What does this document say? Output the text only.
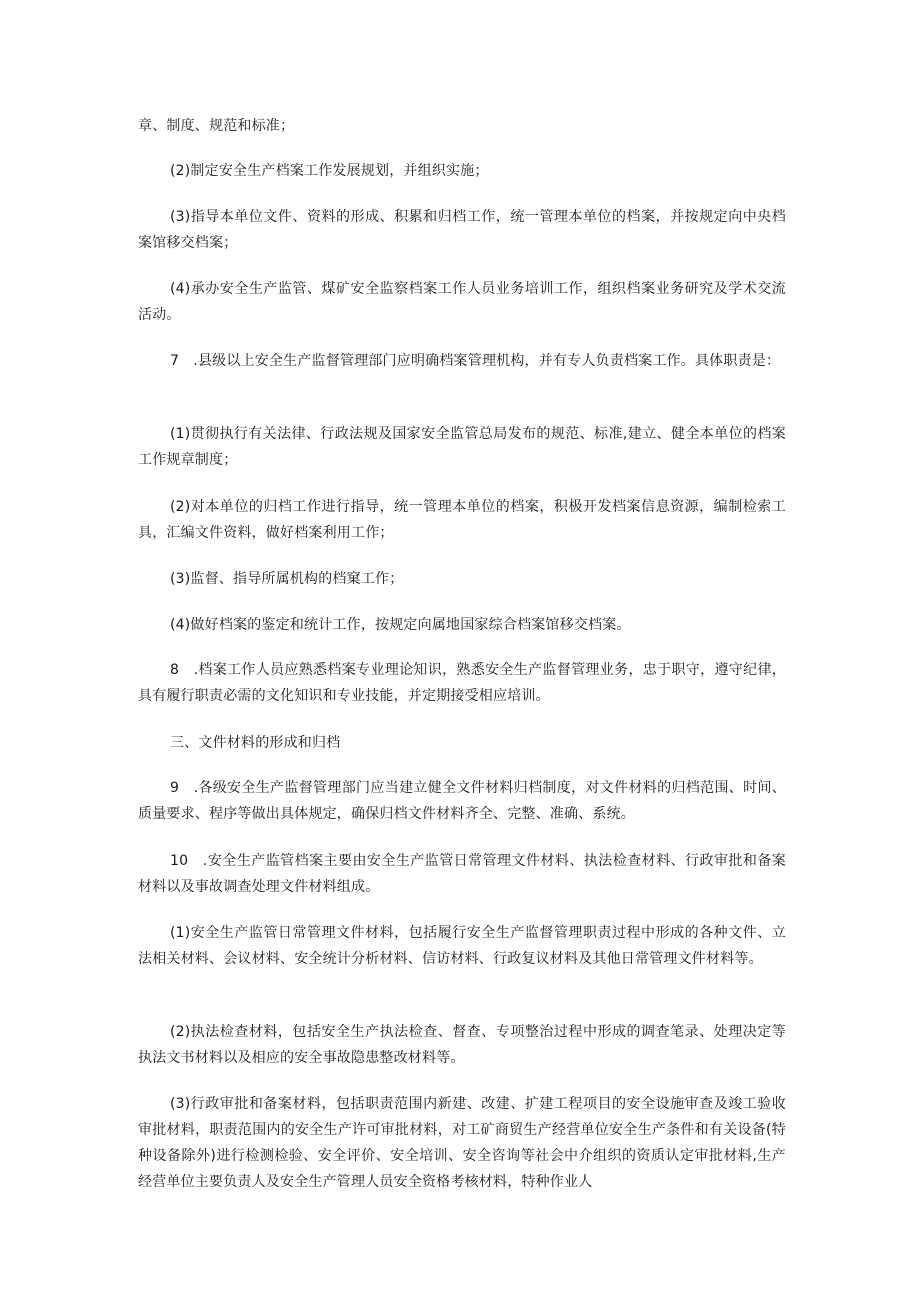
章、制度、规范和标准；

(2)制定安全生产档案工作发展规划，并组织实施；

(3)指导本单位文件、资料的形成、积累和归档工作，统一管理本单位的档案，并按规定向中央档案馆移交档案；

(4)承办安全生产监管、煤矿安全监察档案工作人员业务培训工作，组织档案业务研究及学术交流活动。

7　.县级以上安全生产监督管理部门应明确档案管理机构，并有专人负责档案工作。具体职责是：

(1)贯彻执行有关法律、行政法规及国家安全监管总局发布的规范、标准,建立、健全本单位的档案工作规章制度；

(2)对本单位的归档工作进行指导，统一管理本单位的档案，积极开发档案信息资源，编制检索工具，汇编文件资料，做好档案利用工作；

(3)监督、指导所属机构的档窠工作；

(4)做好档案的鉴定和统计工作，按规定向属地国家综合档案馆移交档案。

8　.档案工作人员应熟悉档案专业理论知识，熟悉安全生产监督管理业务，忠于职守，遵守纪律，具有履行职责必需的文化知识和专业技能，并定期接受相应培训。

三、文件材料的形成和归档

9　.各级安全生产监督管理部门应当建立健全文件材料归档制度，对文件材料的归档范围、时间、质量要求、程序等做出具体规定，确保归档文件材料齐全、完整、准确、系统。

10　.安全生产监管档案主要由安全生产监管日常管理文件材料、执法检查材料、行政审批和备案材料以及事故调查处理文件材料组成。

(1)安全生产监管日常管理文件材料，包括履行安全生产监督管理职责过程中形成的各种文件、立法相关材料、会议材料、安全统计分析材料、信访材料、行政复议材料及其他日常管理文件材料等。

(2)执法检查材料，包括安全生产执法检查、督查、专项整治过程中形成的调查笔录、处理决定等执法文书材料以及相应的安全事故隐患整改材料等。

(3)行政审批和备案材料，包括职责范围内新建、改建、扩建工程项目的安全设施审查及竣工验收审批材料，职责范围内的安全生产许可审批材料，对工矿商贸生产经营单位安全生产条件和有关设备(特种设备除外)进行检测检验、安全评价、安全培训、安全咨询等社会中介组织的资质认定审批材料,生产经营单位主要负责人及安全生产管理人员安全资格考核材料，特种作业人
